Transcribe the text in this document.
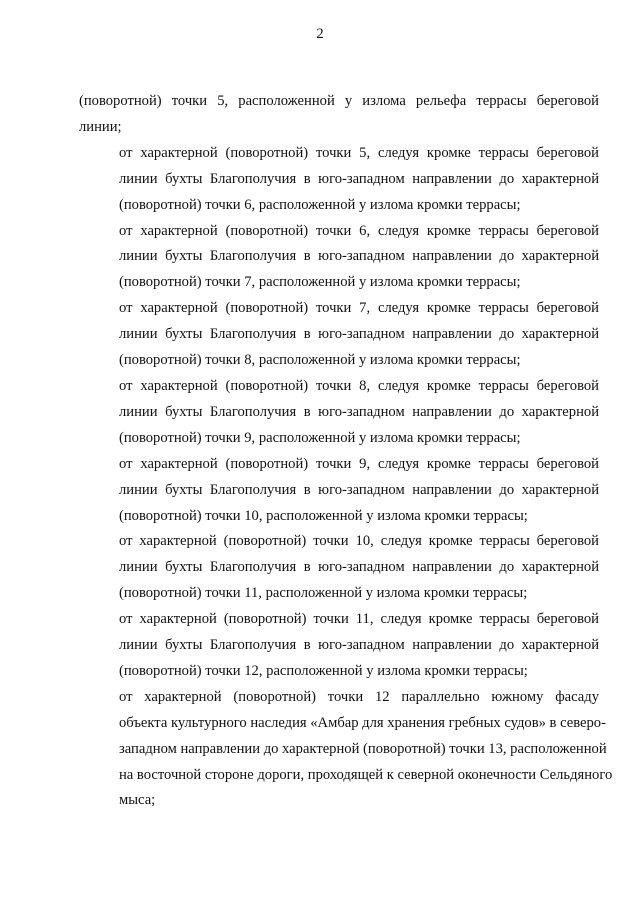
2

(поворотной) точки 5, расположенной у излома рельефа террасы береговой
линии;

от характерной (поворотной) точки 5, следуя кромке террасы береговой
линии бухты Благополучия в юго-западном направлении до характерной
(поворотной) точки 6, расположенной у излома кромки террасы;

от характерной (поворотной) точки 6, следуя кромке террасы береговой
линии бухты Благополучия в юго-западном направлении до характерной
(поворотной) точки 7, расположенной у излома кромки террасы;

от характерной (поворотной) точки 7, следуя кромке террасы береговой
линии бухты Благополучия в юго-западном направлении до характерной
(поворотной) точки 8, расположенной у излома кромки террасы;

от характерной (поворотной) точки 8, следуя кромке террасы береговой
линии бухты Благополучия в юго-западном направлении до характерной
(поворотной) точки 9, расположенной у излома кромки террасы;

от характерной (поворотной) точки 9, следуя кромке террасы береговой
линии бухты Благополучия в юго-западном направлении до характерной
(поворотной) точки 10, расположенной у излома кромки террасы;

от характерной (поворотной) точки 10, следуя кромке террасы береговой
линии бухты Благополучия в юго-западном направлении до характерной
(поворотной) точки 11, расположенной у излома кромки террасы;

от характерной (поворотной) точки 11, следуя кромке террасы береговой
линии бухты Благополучия в юго-западном направлении до характерной
(поворотной) точки 12, расположенной у излома кромки террасы;

от характерной (поворотной) точки 12 параллельно южному фасаду
объекта культурного наследия «Амбар для хранения гребных судов» в северо-
западном направлении до характерной (поворотной) точки 13, расположенной
на восточной стороне дороги, проходящей к северной оконечности Сельдяного
мыса;
